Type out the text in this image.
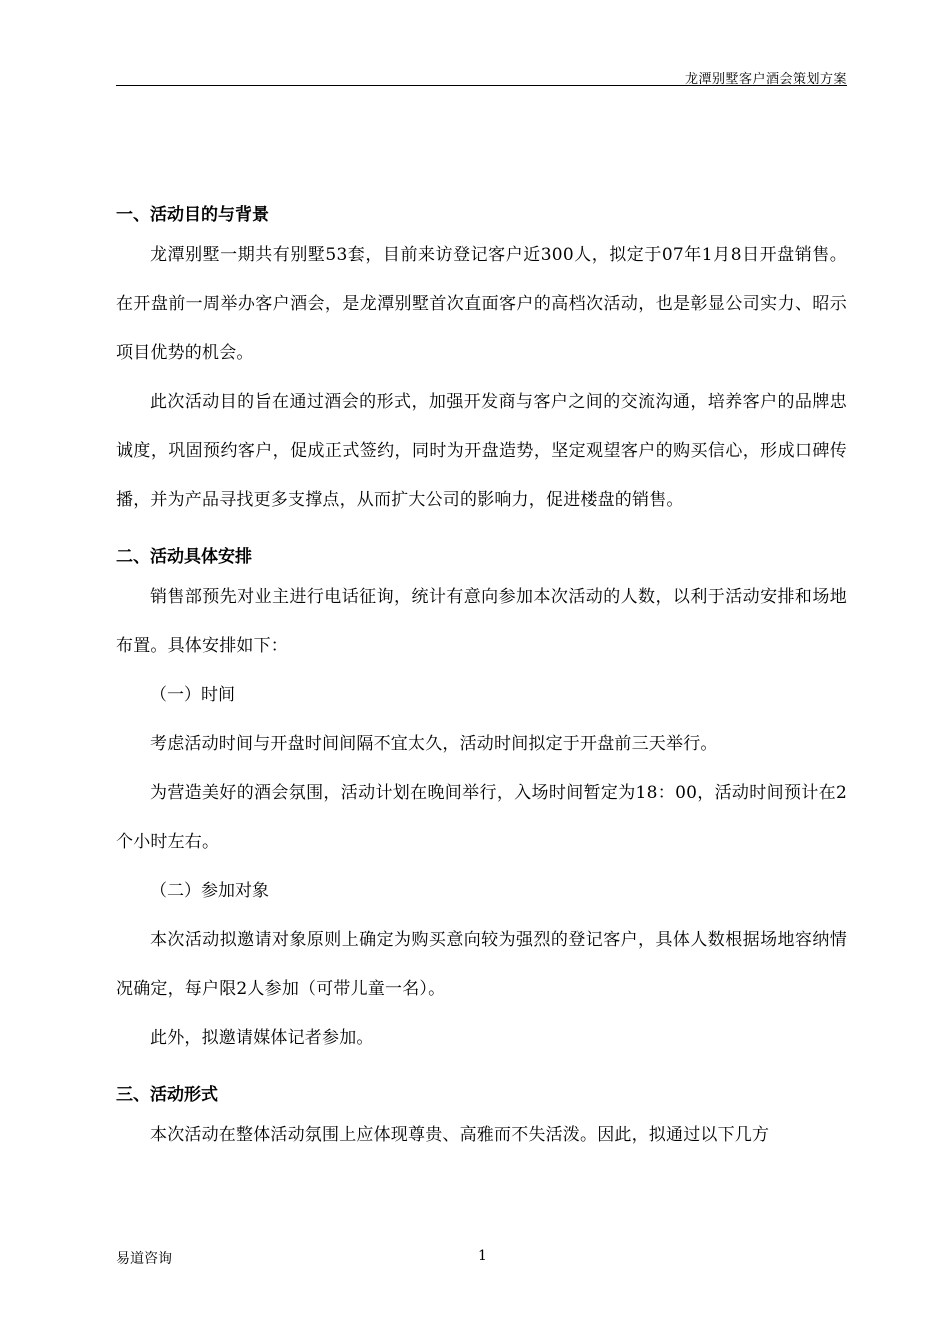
龙潭别墅客户酒会策划方案
一、活动目的与背景

龙潭别墅一期共有别墅53套，目前来访登记客户近300人，拟定于07年1月8日开盘销售。在开盘前一周举办客户酒会，是龙潭别墅首次直面客户的高档次活动，也是彰显公司实力、昭示项目优势的机会。

此次活动目的旨在通过酒会的形式，加强开发商与客户之间的交流沟通，培养客户的品牌忠诚度，巩固预约客户，促成正式签约，同时为开盘造势，坚定观望客户的购买信心，形成口碑传播，并为产品寻找更多支撑点，从而扩大公司的影响力，促进楼盘的销售。

二、活动具体安排

销售部预先对业主进行电话征询，统计有意向参加本次活动的人数，以利于活动安排和场地布置。具体安排如下：

（一）时间

考虑活动时间与开盘时间间隔不宜太久，活动时间拟定于开盘前三天举行。

为营造美好的酒会氛围，活动计划在晚间举行，入场时间暂定为18：00，活动时间预计在2个小时左右。

（二）参加对象

本次活动拟邀请对象原则上确定为购买意向较为强烈的登记客户，具体人数根据场地容纳情况确定，每户限2人参加（可带儿童一名）。

此外，拟邀请媒体记者参加。

三、活动形式

本次活动在整体活动氛围上应体现尊贵、高雅而不失活泼。因此，拟通过以下几方

易道咨询	1
